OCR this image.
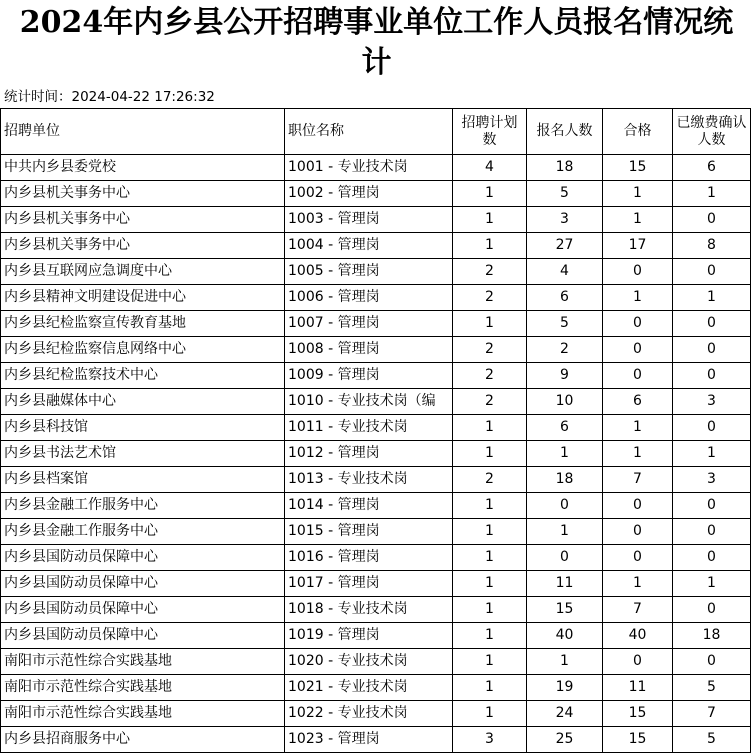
2024年内乡县公开招聘事业单位工作人员报名情况统计
统计时间：2024-04-22 17:26:32
招聘单位	职位名称	招聘计划数	报名人数	合格	已缴费确认人数
中共内乡县委党校	1001 - 专业技术岗	4	18	15	6
内乡县机关事务中心	1002 - 管理岗	1	5	1	1
内乡县机关事务中心	1003 - 管理岗	1	3	1	0
内乡县机关事务中心	1004 - 管理岗	1	27	17	8
内乡县互联网应急调度中心	1005 - 管理岗	2	4	0	0
内乡县精神文明建设促进中心	1006 - 管理岗	2	6	1	1
内乡县纪检监察宣传教育基地	1007 - 管理岗	1	5	0	0
内乡县纪检监察信息网络中心	1008 - 管理岗	2	2	0	0
内乡县纪检监察技术中心	1009 - 管理岗	2	9	0	0
内乡县融媒体中心	1010 - 专业技术岗（编	2	10	6	3
内乡县科技馆	1011 - 专业技术岗	1	6	1	0
内乡县书法艺术馆	1012 - 管理岗	1	1	1	1
内乡县档案馆	1013 - 专业技术岗	2	18	7	3
内乡县金融工作服务中心	1014 - 管理岗	1	0	0	0
内乡县金融工作服务中心	1015 - 管理岗	1	1	0	0
内乡县国防动员保障中心	1016 - 管理岗	1	0	0	0
内乡县国防动员保障中心	1017 - 管理岗	1	11	1	1
内乡县国防动员保障中心	1018 - 专业技术岗	1	15	7	0
内乡县国防动员保障中心	1019 - 管理岗	1	40	40	18
南阳市示范性综合实践基地	1020 - 专业技术岗	1	1	0	0
南阳市示范性综合实践基地	1021 - 专业技术岗	1	19	11	5
南阳市示范性综合实践基地	1022 - 专业技术岗	1	24	15	7
内乡县招商服务中心	1023 - 管理岗	3	25	15	5
